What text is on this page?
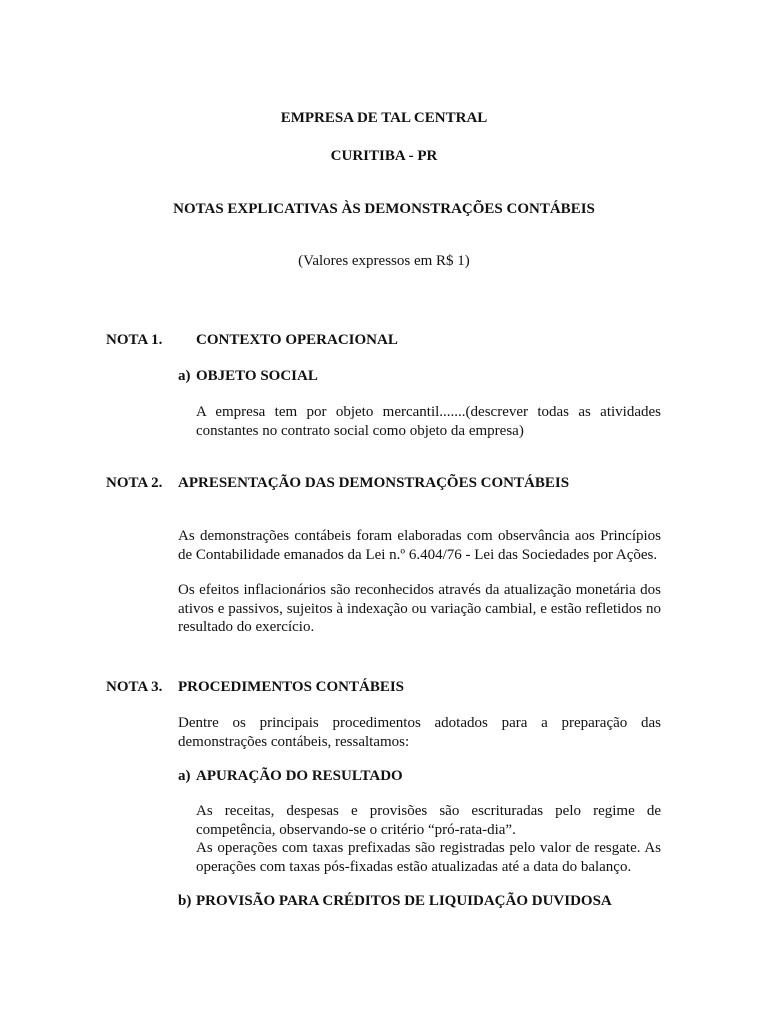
EMPRESA DE TAL CENTRAL
CURITIBA - PR
NOTAS EXPLICATIVAS ÀS DEMONSTRAÇÕES CONTÁBEIS
(Valores expressos em R$ 1)
NOTA 1. CONTEXTO OPERACIONAL
a) OBJETO SOCIAL
A empresa tem por objeto mercantil.......(descrever todas as atividades
constantes no contrato social como objeto da empresa)
NOTA 2. APRESENTAÇÃO DAS DEMONSTRAÇÕES CONTÁBEIS
As demonstrações contábeis foram elaboradas com observância aos Princípios
de Contabilidade emanados da Lei n.º 6.404/76 - Lei das Sociedades por Ações.
Os efeitos inflacionários são reconhecidos através da atualização monetária dos
ativos e passivos, sujeitos à indexação ou variação cambial, e estão refletidos no
resultado do exercício.
NOTA 3. PROCEDIMENTOS CONTÁBEIS
Dentre os principais procedimentos adotados para a preparação das
demonstrações contábeis, ressaltamos:
a) APURAÇÃO DO RESULTADO
As receitas, despesas e provisões são escrituradas pelo regime de
competência, observando-se o critério “pró-rata-dia”.
As operações com taxas prefixadas são registradas pelo valor de resgate. As
operações com taxas pós-fixadas estão atualizadas até a data do balanço.
b) PROVISÃO PARA CRÉDITOS DE LIQUIDAÇÃO DUVIDOSA
